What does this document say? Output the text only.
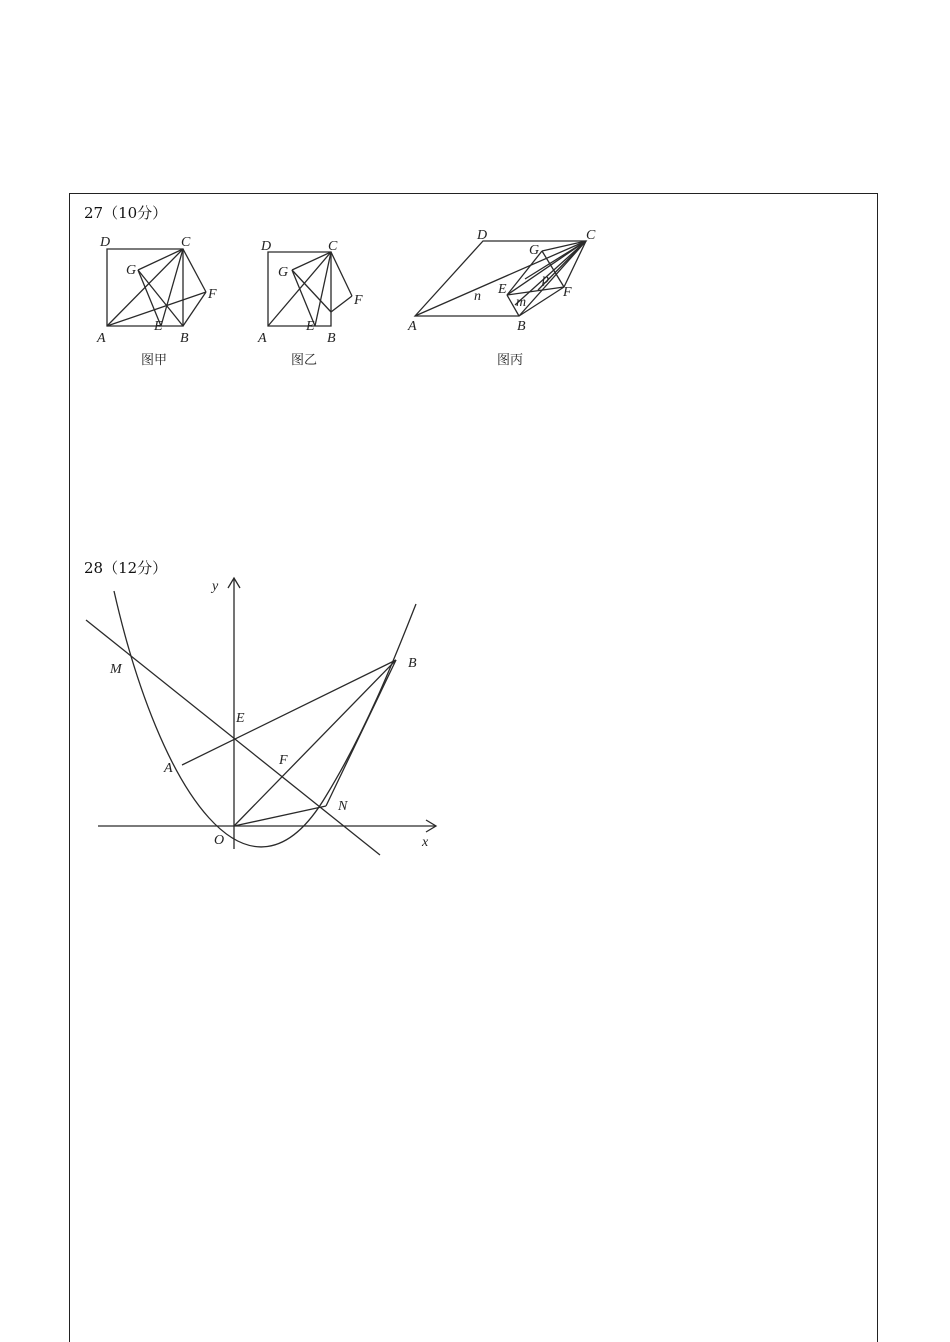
27（10分）
D	C
G
F
A
E
B
图甲
D	C
G
F
A
E
B
图乙
D	C
G
E
n
p
F
m
A	B
图丙
28（12分）
y
x
O
M	B
E
A
F
N
